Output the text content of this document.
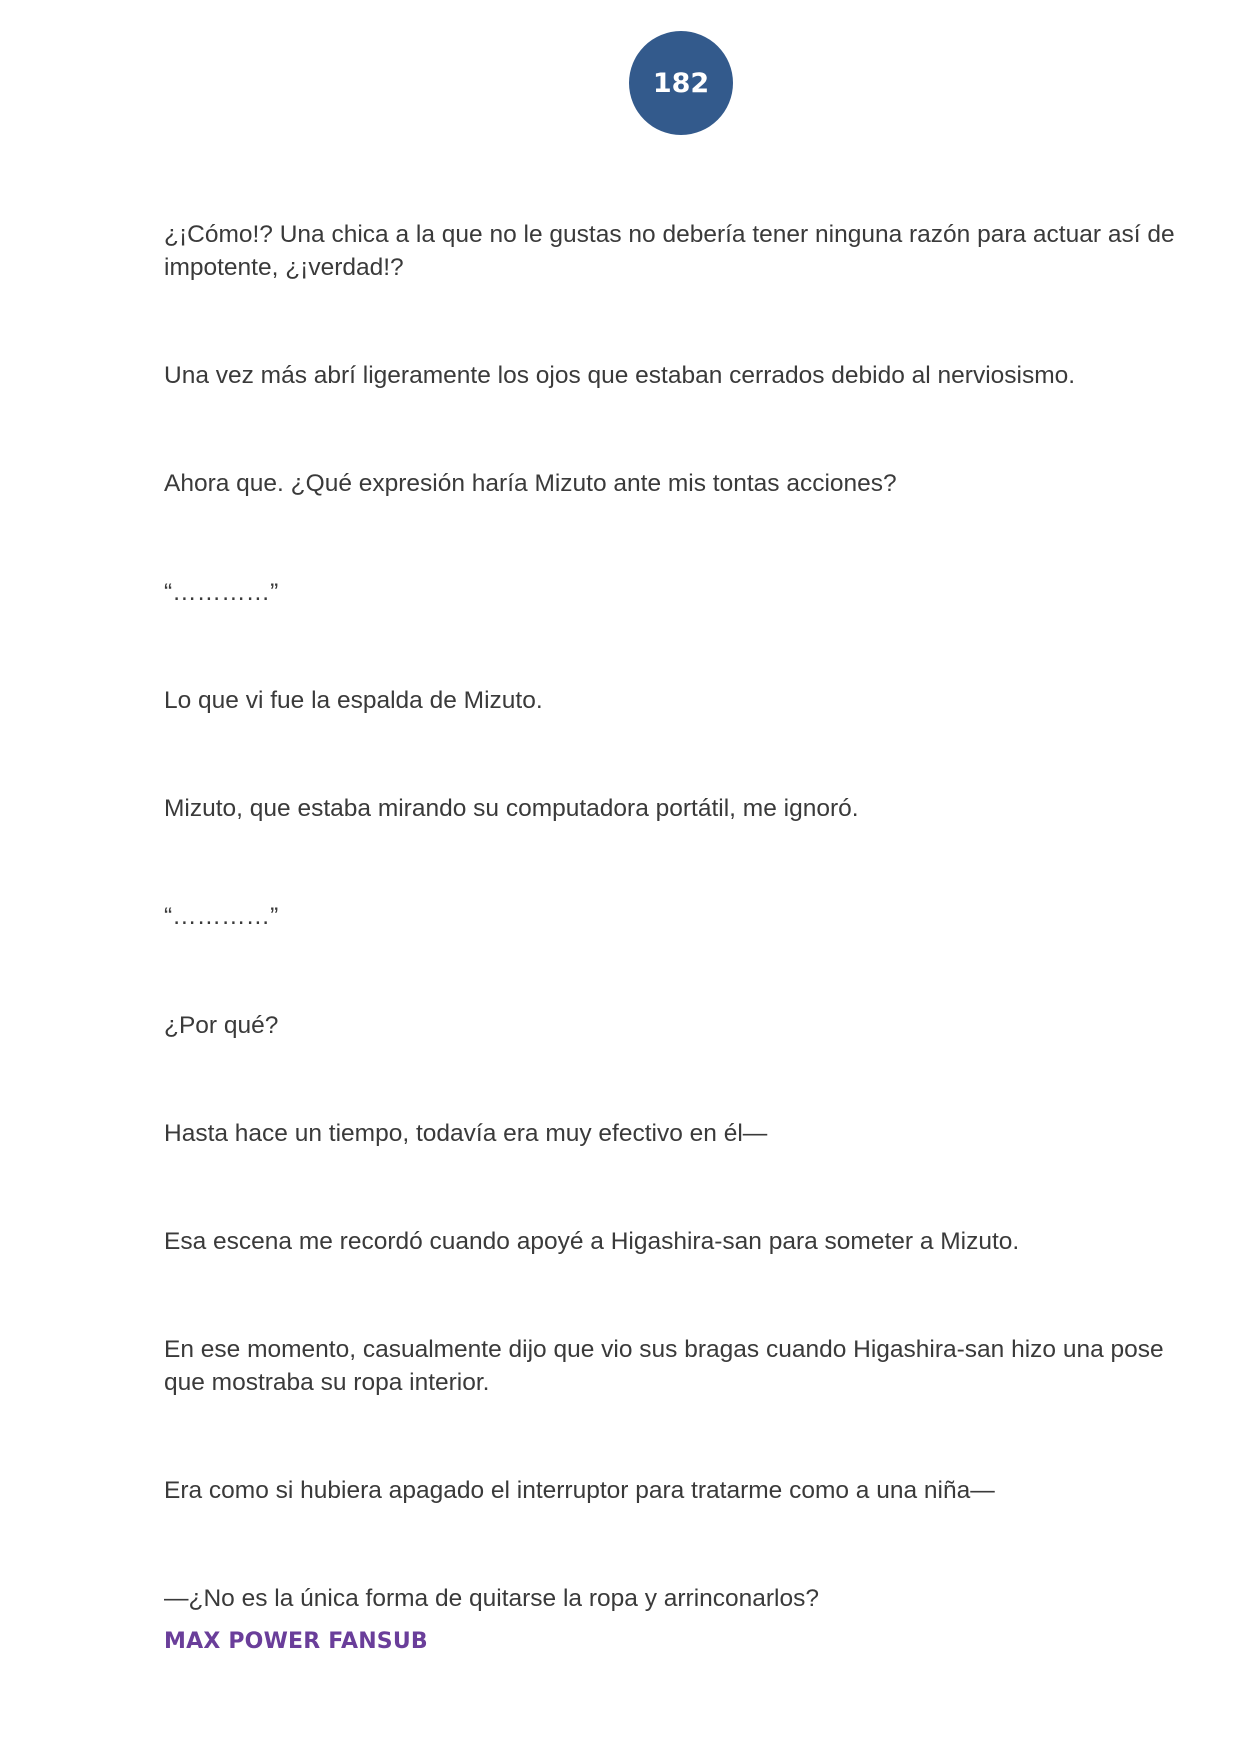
182

¿¡Cómo!? Una chica a la que no le gustas no debería tener ninguna razón para actuar así de impotente, ¿¡verdad!?

Una vez más abrí ligeramente los ojos que estaban cerrados debido al nerviosismo.

Ahora que. ¿Qué expresión haría Mizuto ante mis tontas acciones?

“…………”

Lo que vi fue la espalda de Mizuto.

Mizuto, que estaba mirando su computadora portátil, me ignoró.

“…………”

¿Por qué?

Hasta hace un tiempo, todavía era muy efectivo en él—

Esa escena me recordó cuando apoyé a Higashira-san para someter a Mizuto.

En ese momento, casualmente dijo que vio sus bragas cuando Higashira-san hizo una pose que mostraba su ropa interior.

Era como si hubiera apagado el interruptor para tratarme como a una niña—

—¿No es la única forma de quitarse la ropa y arrinconarlos?

MAX POWER FANSUB
